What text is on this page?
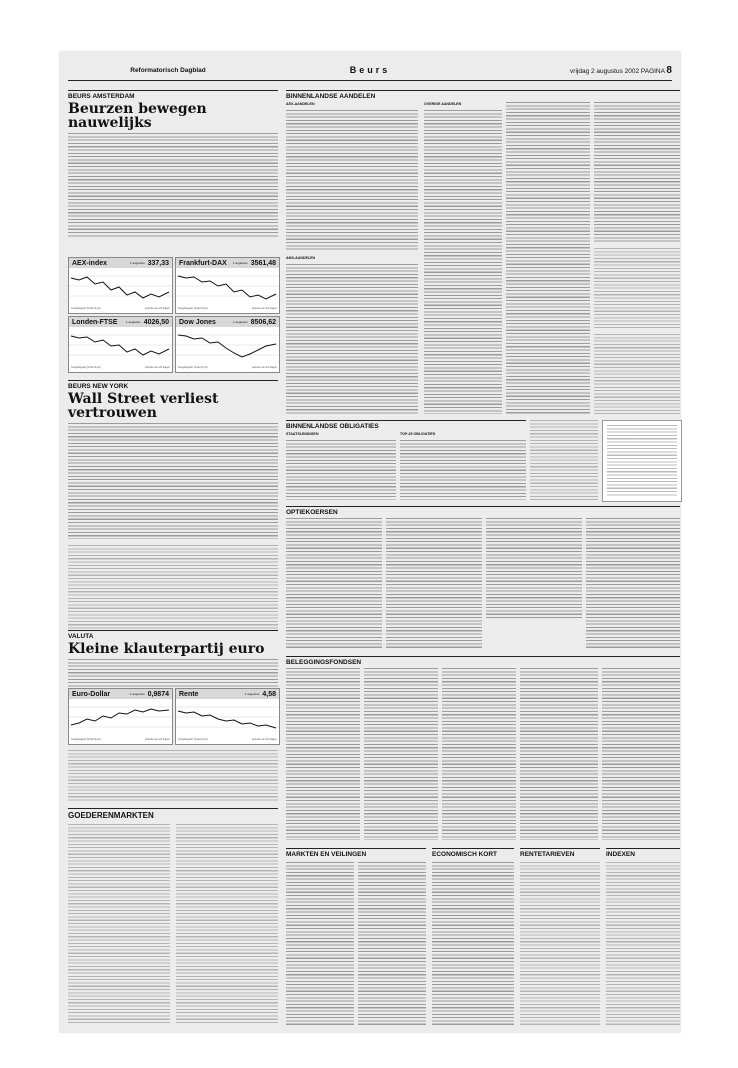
Reformatorisch Dagblad	Beurs	vrijdag 2 augustus 2002 PAGINA 8
BEURS AMSTERDAM
Beurzen bewegen nauwelijks
AEX-index	1 augustus 337,33
hoog/laagste (9 dec/3 jun)	periode van 20 dagen
Frankfurt-DAX 1 augustus 3561,48
hoog/laagste (9 dec/3 jun)	periode van 20 dagen
Londen-FTSE	1 augustus 4026,50
hoog/laagste (9 dec/3 jun)	periode van 20 dagen
Dow Jones	1 augustus 8506,62
hoog/laagste (9 dec/3 jun)	periode van 20 dagen
BEURS NEW YORK
Wall Street verliest vertrouwen
VALUTA
Kleine klauterpartij euro
Euro-Dollar	1 augustus 0,9874
hoog/laagste (9 dec/3 jun)	periode van 20 dagen
Rente	1 augustus 4,58
hoog/laagste (9 dec/3 jun)	periode van 20 dagen
GOEDERENMARKTEN
BINNENLANDSE AANDELEN
AEX-AANDELEN
AMX-AANDELEN
OVERIGE AANDELEN
BINNENLANDSE OBLIGATIES
STAATSLENINGEN	TOP-25 OBLIGATIES
OPTIEKOERSEN
BELEGGINGSFONDSEN
MARKTEN EN VEILINGEN	ECONOMISCH KORT	RENTETARIEVEN	INDEXEN
